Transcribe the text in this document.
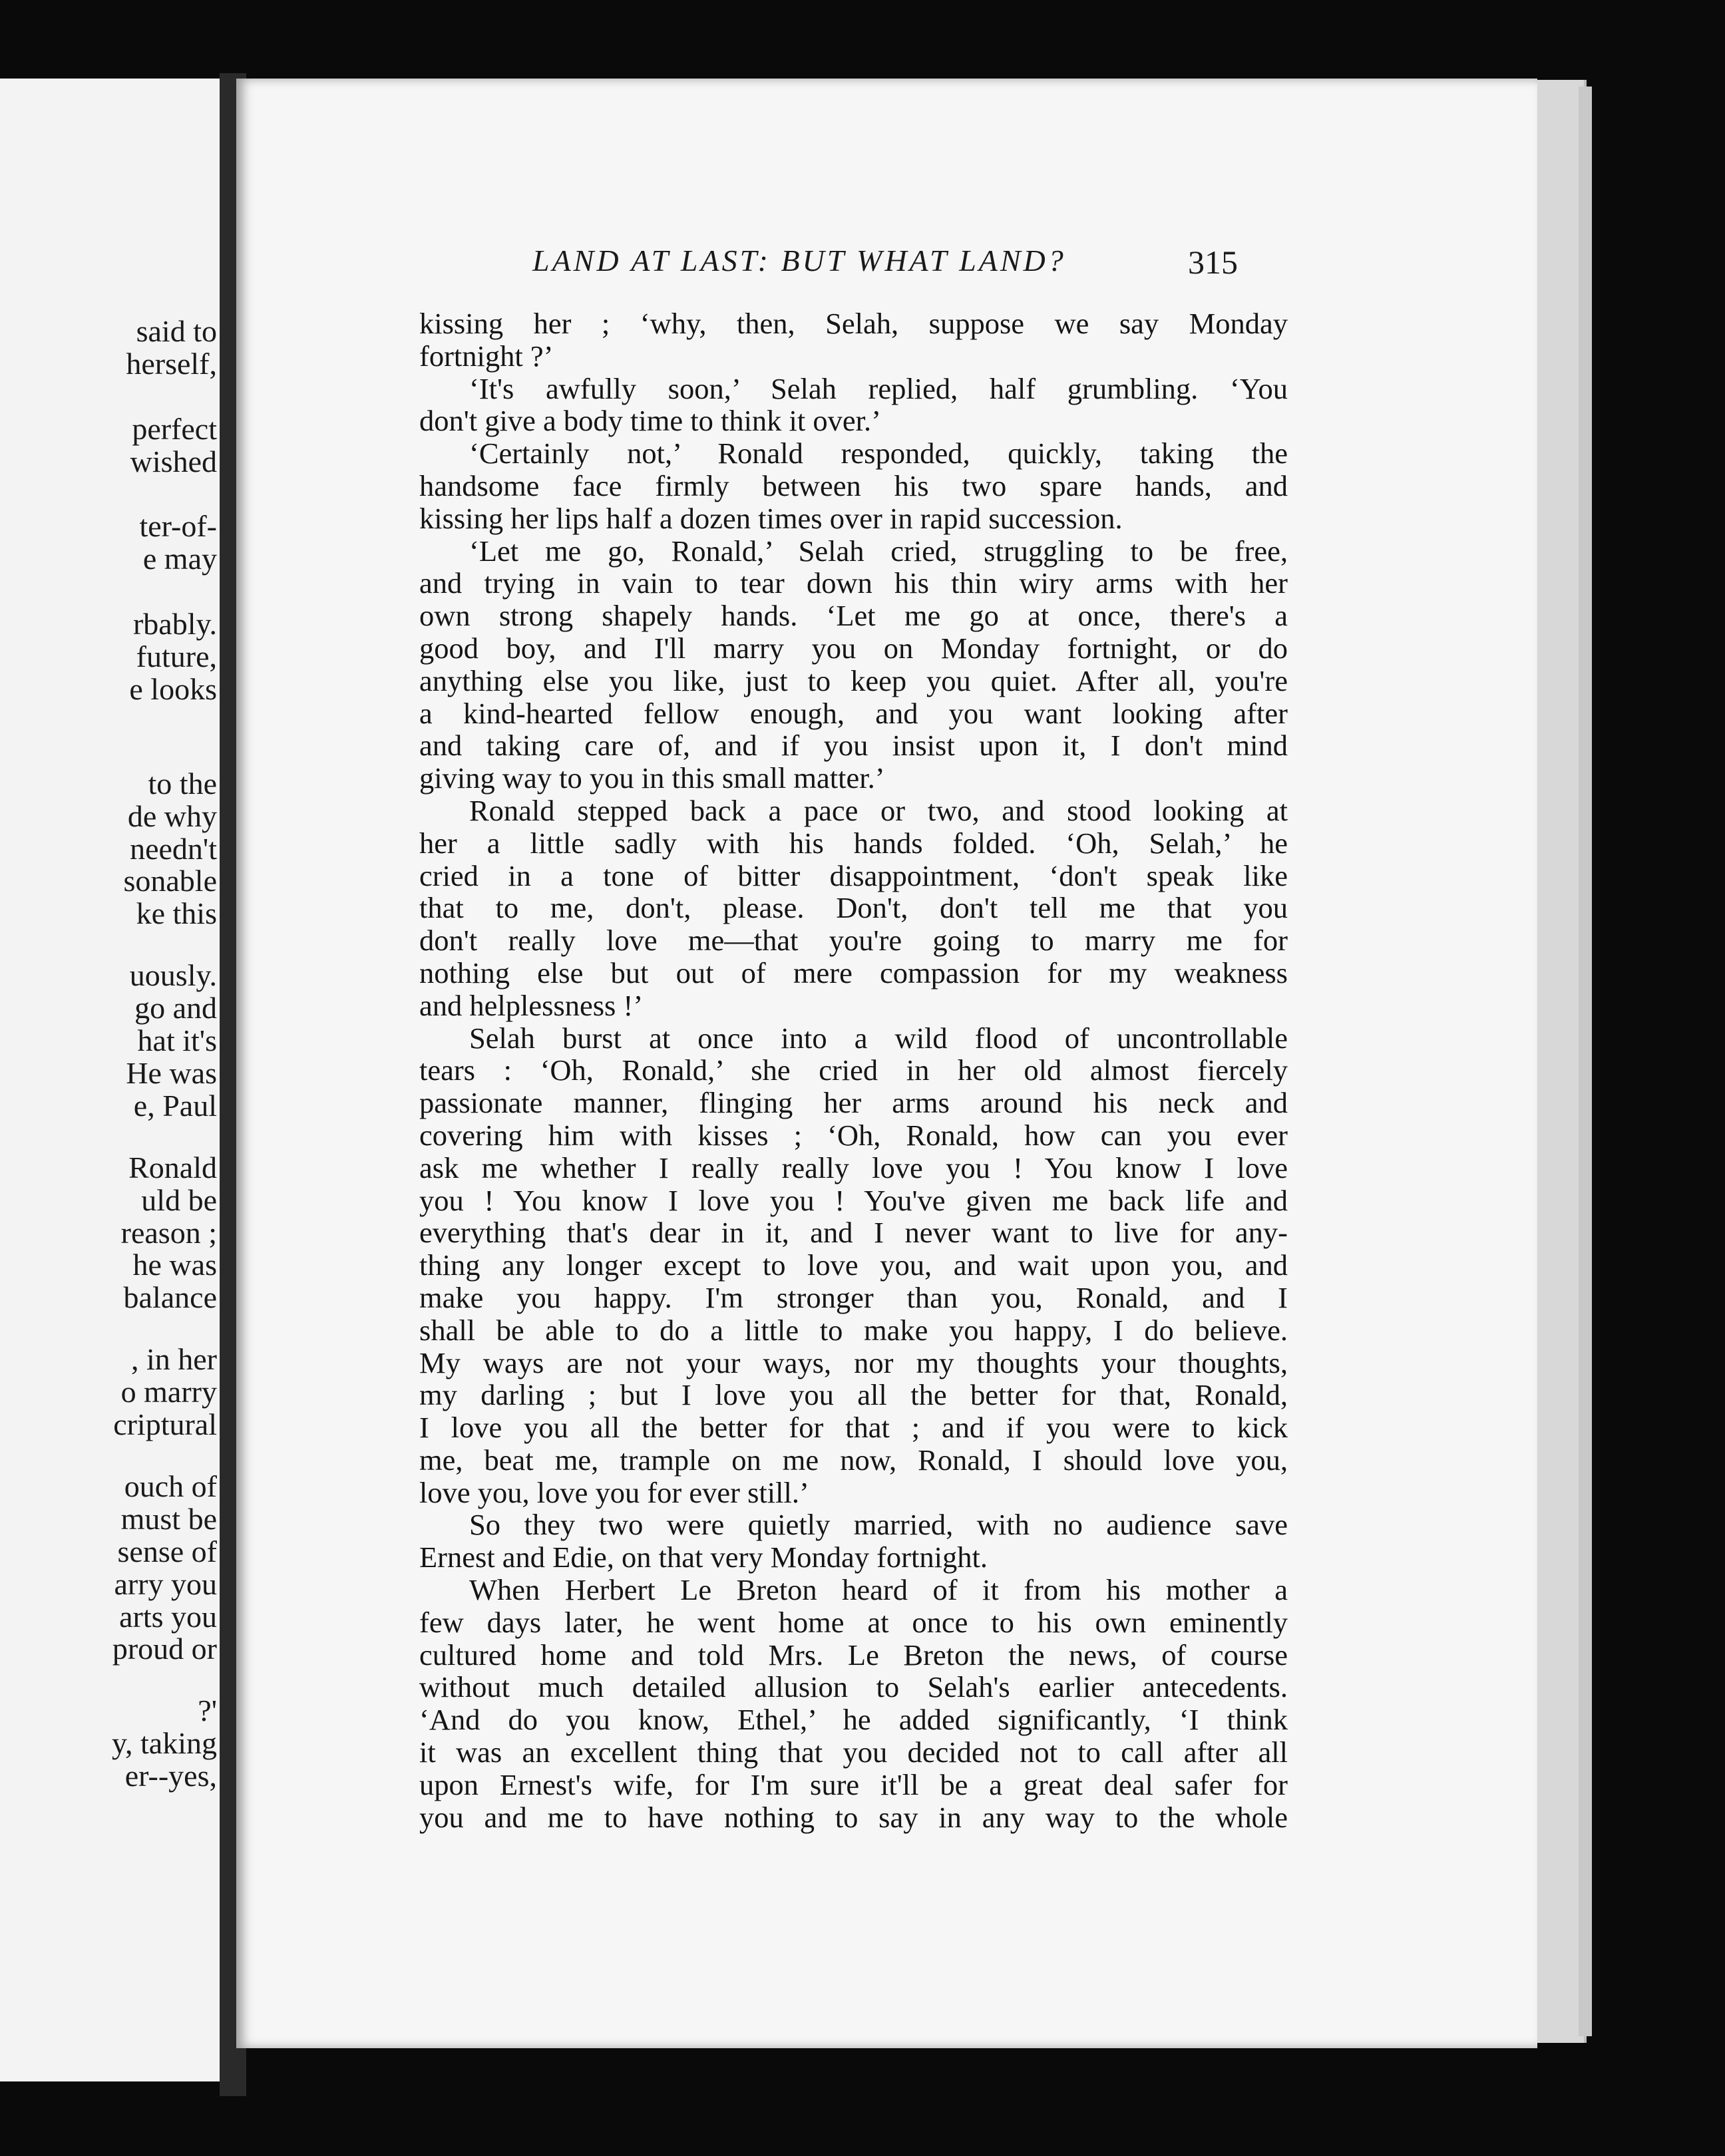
said to
herself,
perfect
wished
ter-of-
e may
rbably.
future,
e looks
to the
de why
needn't
sonable
ke this
uously.
go and
hat it's
He was
e, Paul
Ronald
uld be
reason ;
he was
balance
, in her
o marry
criptural
ouch of
must be
sense of
arry you
arts you
proud or
?'
y, taking
er--yes,
LAND AT LAST: BUT WHAT LAND?	315
kissing her ; ‘why, then, Selah, suppose we say Monday
fortnight ?’
‘It's awfully soon,’ Selah replied, half grumbling. ‘You
don't give a body time to think it over.’
‘Certainly not,’ Ronald responded, quickly, taking the
handsome face firmly between his two spare hands, and
kissing her lips half a dozen times over in rapid succession.
‘Let me go, Ronald,’ Selah cried, struggling to be free,
and trying in vain to tear down his thin wiry arms with her
own strong shapely hands. ‘Let me go at once, there's a
good boy, and I'll marry you on Monday fortnight, or do
anything else you like, just to keep you quiet. After all, you're
a kind-hearted fellow enough, and you want looking after
and taking care of, and if you insist upon it, I don't mind
giving way to you in this small matter.’
Ronald stepped back a pace or two, and stood looking at
her a little sadly with his hands folded. ‘Oh, Selah,’ he
cried in a tone of bitter disappointment, ‘don't speak like
that to me, don't, please. Don't, don't tell me that you
don't really love me—that you're going to marry me for
nothing else but out of mere compassion for my weakness
and helplessness !’
Selah burst at once into a wild flood of uncontrollable
tears : ‘Oh, Ronald,’ she cried in her old almost fiercely
passionate manner, flinging her arms around his neck and
covering him with kisses ; ‘Oh, Ronald, how can you ever
ask me whether I really really love you ! You know I love
you ! You know I love you ! You've given me back life and
everything that's dear in it, and I never want to live for any-
thing any longer except to love you, and wait upon you, and
make you happy. I'm stronger than you, Ronald, and I
shall be able to do a little to make you happy, I do believe.
My ways are not your ways, nor my thoughts your thoughts,
my darling ; but I love you all the better for that, Ronald,
I love you all the better for that ; and if you were to kick
me, beat me, trample on me now, Ronald, I should love you,
love you, love you for ever still.’
So they two were quietly married, with no audience save
Ernest and Edie, on that very Monday fortnight.
When Herbert Le Breton heard of it from his mother a
few days later, he went home at once to his own eminently
cultured home and told Mrs. Le Breton the news, of course
without much detailed allusion to Selah's earlier antecedents.
‘And do you know, Ethel,’ he added significantly, ‘I think
it was an excellent thing that you decided not to call after all
upon Ernest's wife, for I'm sure it'll be a great deal safer for
you and me to have nothing to say in any way to the whole
